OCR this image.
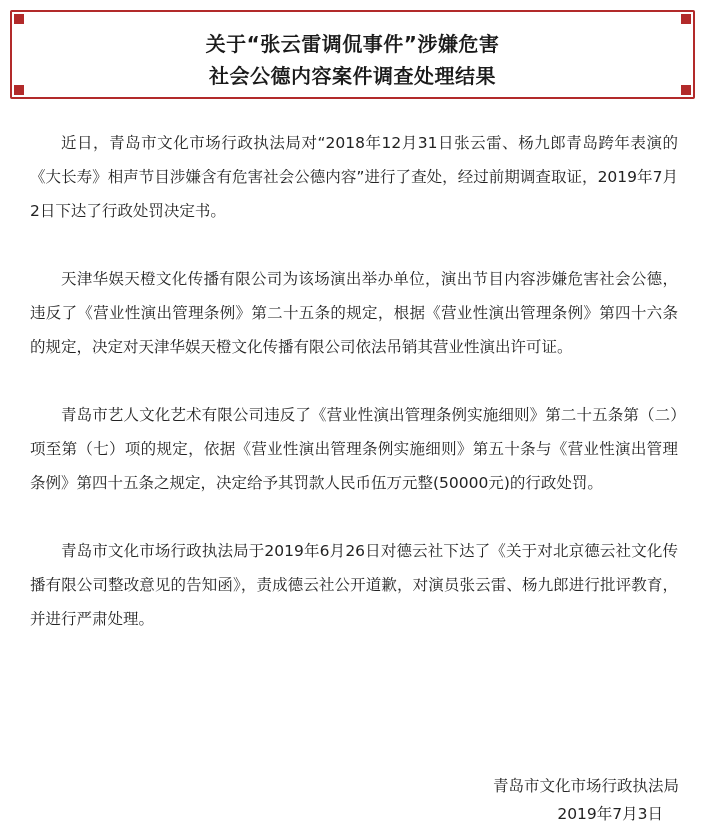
关于“张云雷调侃事件”涉嫌危害
社会公德内容案件调查处理结果

近日，青岛市文化市场行政执法局对“2018年12月31日张云雷、杨九郎青岛跨年表演的《大长寿》相声节目涉嫌含有危害社会公德内容”进行了查处，经过前期调查取证，2019年7月2日下达了行政处罚决定书。

天津华娱天橙文化传播有限公司为该场演出举办单位，演出节目内容涉嫌危害社会公德，违反了《营业性演出管理条例》第二十五条的规定，根据《营业性演出管理条例》第四十六条的规定，决定对天津华娱天橙文化传播有限公司依法吊销其营业性演出许可证。

青岛市艺人文化艺术有限公司违反了《营业性演出管理条例实施细则》第二十五条第（二）项至第（七）项的规定，依据《营业性演出管理条例实施细则》第五十条与《营业性演出管理条例》第四十五条之规定，决定给予其罚款人民币伍万元整(50000元)的行政处罚。

青岛市文化市场行政执法局于2019年6月26日对德云社下达了《关于对北京德云社文化传播有限公司整改意见的告知函》，责成德云社公开道歉，对演员张云雷、杨九郎进行批评教育，并进行严肃处理。

青岛市文化市场行政执法局
2019年7月3日
